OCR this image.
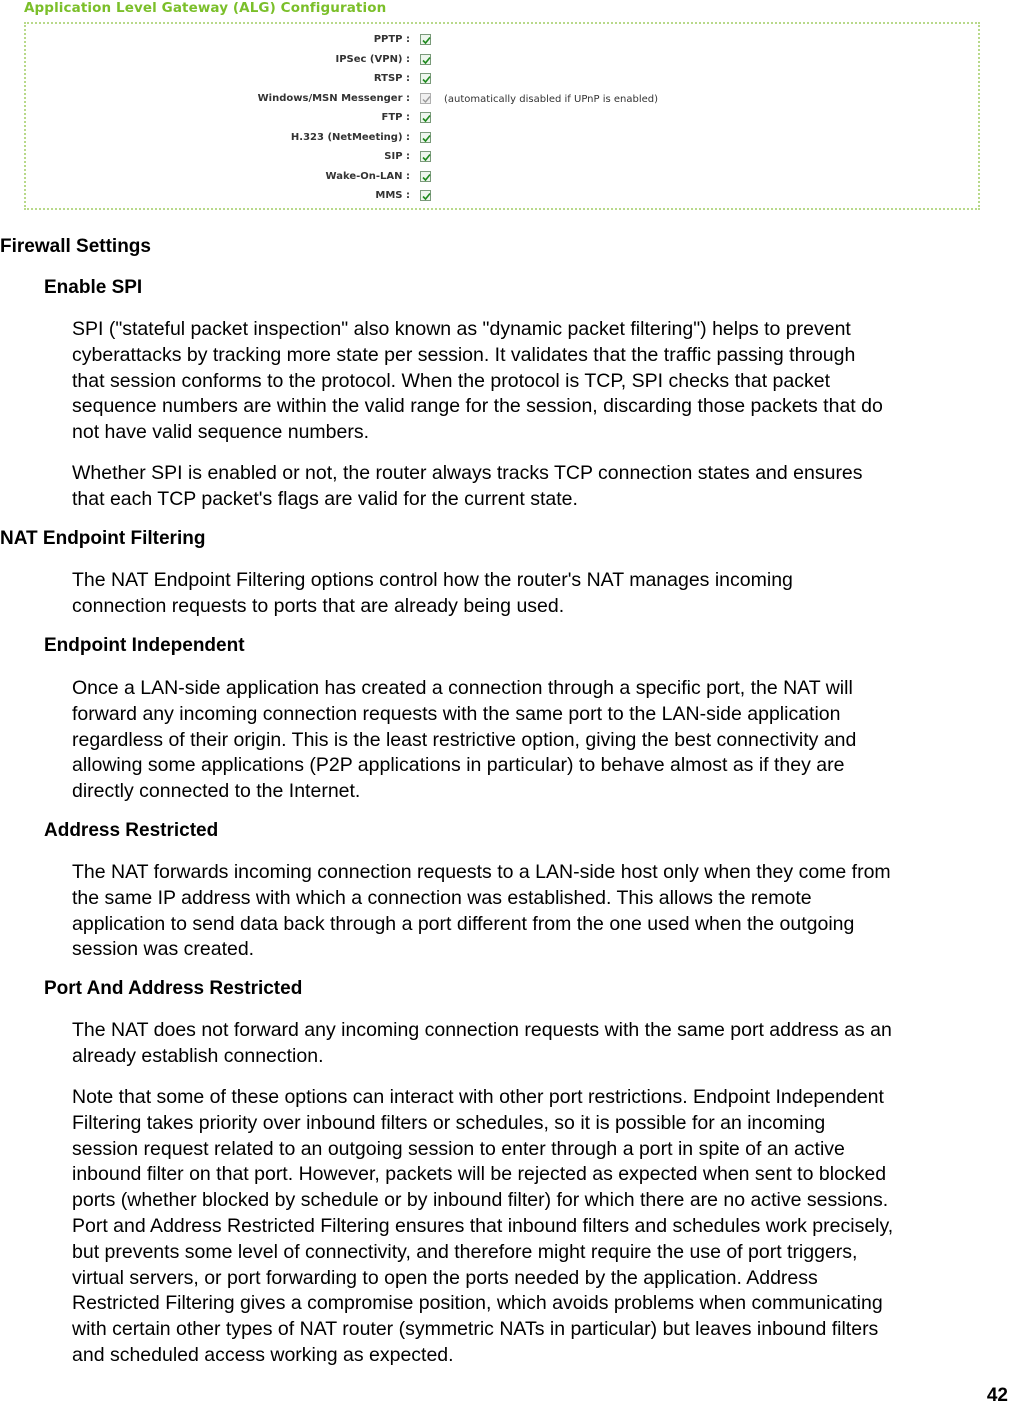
Application Level Gateway (ALG) Configuration
PPTP :
IPSec (VPN) :
RTSP :
Windows/MSN Messenger :	(automatically disabled if UPnP is enabled)
FTP :
H.323 (NetMeeting) :
SIP :
Wake-On-LAN :
MMS :
Firewall Settings
Enable SPI
SPI ("stateful packet inspection" also known as "dynamic packet filtering") helps to prevent
cyberattacks by tracking more state per session. It validates that the traffic passing through
that session conforms to the protocol. When the protocol is TCP, SPI checks that packet
sequence numbers are within the valid range for the session, discarding those packets that do
not have valid sequence numbers.
Whether SPI is enabled or not, the router always tracks TCP connection states and ensures
that each TCP packet's flags are valid for the current state.
NAT Endpoint Filtering
The NAT Endpoint Filtering options control how the router's NAT manages incoming
connection requests to ports that are already being used.
Endpoint Independent
Once a LAN-side application has created a connection through a specific port, the NAT will
forward any incoming connection requests with the same port to the LAN-side application
regardless of their origin. This is the least restrictive option, giving the best connectivity and
allowing some applications (P2P applications in particular) to behave almost as if they are
directly connected to the Internet.
Address Restricted
The NAT forwards incoming connection requests to a LAN-side host only when they come from
the same IP address with which a connection was established. This allows the remote
application to send data back through a port different from the one used when the outgoing
session was created.
Port And Address Restricted
The NAT does not forward any incoming connection requests with the same port address as an
already establish connection.
Note that some of these options can interact with other port restrictions. Endpoint Independent
Filtering takes priority over inbound filters or schedules, so it is possible for an incoming
session request related to an outgoing session to enter through a port in spite of an active
inbound filter on that port. However, packets will be rejected as expected when sent to blocked
ports (whether blocked by schedule or by inbound filter) for which there are no active sessions.
Port and Address Restricted Filtering ensures that inbound filters and schedules work precisely,
but prevents some level of connectivity, and therefore might require the use of port triggers,
virtual servers, or port forwarding to open the ports needed by the application. Address
Restricted Filtering gives a compromise position, which avoids problems when communicating
with certain other types of NAT router (symmetric NATs in particular) but leaves inbound filters
and scheduled access working as expected.
42
